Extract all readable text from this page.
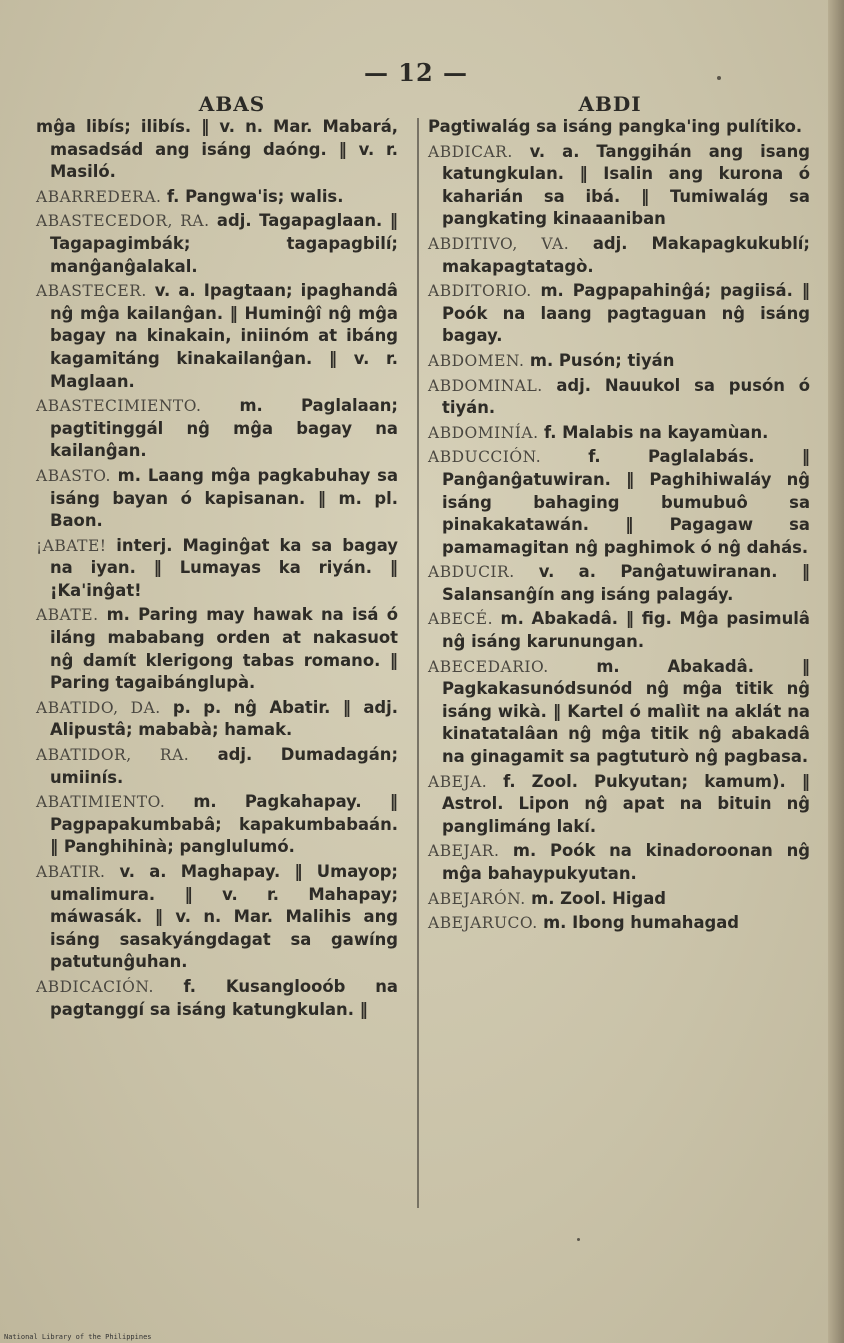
— 12 —
ABAS	ABDI

mĝa libís; ilibís. ‖ v. n. Mar. Mabará, masadsád ang isáng daóng. ‖ v. r. Masiló.

ABARREDERA. f. Pangwa'is; walis.

ABASTECEDOR, RA. adj. Tagapaglaan. ‖ Tagapagimbák; tagapagbilí; manĝanĝalakal.

ABASTECER. v. a. Ipagtaan; ipaghandâ nĝ mĝa kailanĝan. ‖ Huminĝî nĝ mĝa bagay na kinakain, iniinóm at ibáng kagamitáng kinakailanĝan. ‖ v. r. Maglaan.

ABASTECIMIENTO. m. Paglalaan; pagtitinggál nĝ mĝa bagay na kailanĝan.

ABASTO. m. Laang mĝa pagkabuhay sa isáng bayan ó kapisanan. ‖ m. pl. Baon.

¡ABATE! interj. Maginĝat ka sa bagay na iyan. ‖ Lumayas ka riyán. ‖ ¡Ka'inĝat!

ABATE. m. Paring may hawak na isá ó iláng mababang orden at nakasuot nĝ damít klerigong tabas romano. ‖ Paring tagaibánglupà.

ABATIDO, DA. p. p. nĝ Abatir. ‖ adj. Alipustâ; mababà; hamak.

ABATIDOR, RA. adj. Dumadagán; umiinís.

ABATIMIENTO. m. Pagkahapay. ‖ Pagpapakumbabâ; kapakumbabaán. ‖ Panghihinà; panglulumó.

ABATIR. v. a. Maghapay. ‖ Umayop; umalimura. ‖ v. r. Mahapay; máwasák. ‖ v. n. Mar. Malihis ang isáng sasakyángdagat sa gawíng patutunĝuhan.

ABDICACIÓN. f. Kusanglooób na pagtanggí sa isáng katungkulan. ‖

Pagtiwalág sa isáng pangka'ing pulítiko.

ABDICAR. v. a. Tanggihán ang isang katungkulan. ‖ Isalin ang kurona ó kaharián sa ibá. ‖ Tumiwalág sa pangkating kinaaaniban

ABDITIVO, VA. adj. Makapagkukublí; makapagtatagò.

ABDITORIO. m. Pagpapahinĝá; pagiisá. ‖ Poók na laang pagtaguan nĝ isáng bagay.

ABDOMEN. m. Pusón; tiyán

ABDOMINAL. adj. Nauukol sa pusón ó tiyán.

ABDOMINÍA. f. Malabis na kayamùan.

ABDUCCIÓN.	f. Paglalabás. ‖ Panĝanĝatuwiran. ‖ Paghihiwaláy nĝ isáng bahaging bumubuô sa pinakakatawán. ‖ Pagagaw sa pamamagitan nĝ paghimok ó nĝ dahás.

ABDUCIR. v. a. Panĝatuwiranan. ‖ Salansanĝín ang isáng palagáy.

ABECÉ. m. Abakadâ. ‖ fig. Mĝa pasimulâ nĝ isáng karunungan.

ABECEDARIO.	m. Abakadâ. ‖ Pagkakasunódsunód nĝ mĝa titik nĝ isáng wikà. ‖ Kartel ó malìit na aklát na kinatatalâan nĝ mĝa titik nĝ abakadâ na ginagamit sa pagtuturò nĝ pagbasa.

ABEJA. f. Zool. Pukyutan; kamum). ‖ Astrol. Lipon nĝ apat na bituin nĝ panglimáng lakí.

ABEJAR. m. Poók na kinadoroonan nĝ mĝa bahaypukyutan.

ABEJARÓN. m. Zool. Higad

ABEJARUCO. m. Ibong humahagad

National Library of the Philippines
